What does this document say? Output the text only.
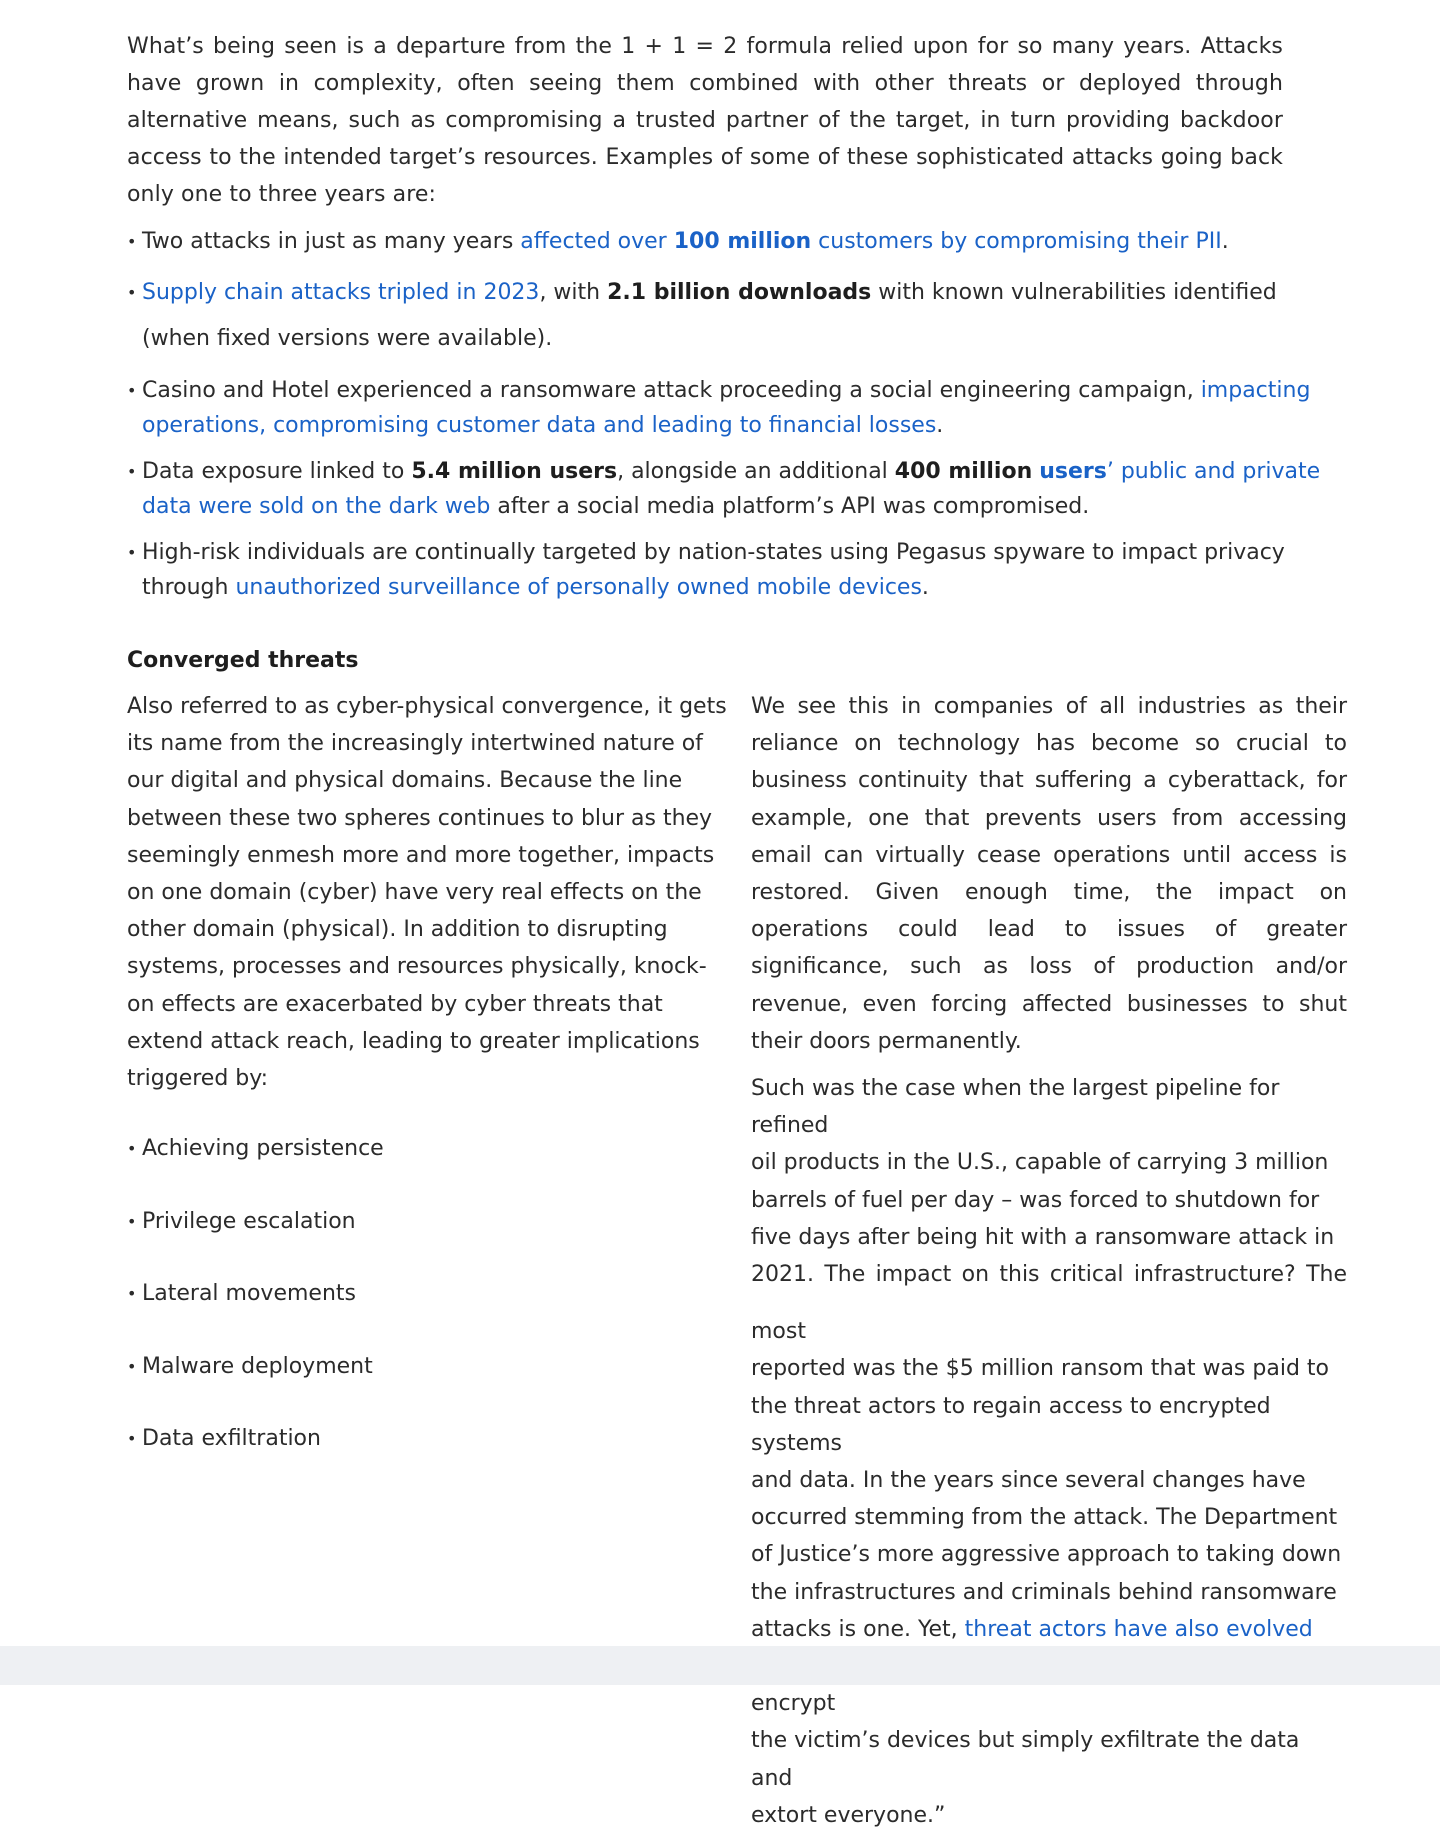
What’s being seen is a departure from the 1 + 1 = 2 formula relied upon for so many years. Attacks have grown in complexity, often seeing them combined with other threats or deployed through alternative means, such as compromising a trusted partner of the target, in turn providing backdoor access to the intended target’s resources. Examples of some of these sophisticated attacks going back only one to three years are:

• Two attacks in just as many years affected over 100 million customers by compromising their PII.
• Supply chain attacks tripled in 2023, with 2.1 billion downloads with known vulnerabilities identified (when fixed versions were available).
• Casino and Hotel experienced a ransomware attack proceeding a social engineering campaign, impacting operations, compromising customer data and leading to financial losses.
• Data exposure linked to 5.4 million users, alongside an additional 400 million users’ public and private data were sold on the dark web after a social media platform’s API was compromised.
• High-risk individuals are continually targeted by nation-states using Pegasus spyware to impact privacy through unauthorized surveillance of personally owned mobile devices.
Converged threats

Also referred to as cyber-physical convergence, it gets its name from the increasingly intertwined nature of our digital and physical domains. Because the line between these two spheres continues to blur as they seemingly enmesh more and more together, impacts on one domain (cyber) have very real effects on the other domain (physical). In addition to disrupting systems, processes and resources physically, knock-on effects are exacerbated by cyber threats that extend attack reach, leading to greater implications triggered by:

• Achieving persistence
• Privilege escalation
• Lateral movements
• Malware deployment
• Data exfiltration

We see this in companies of all industries as their reliance on technology has become so crucial to business continuity that suffering a cyberattack, for example, one that prevents users from accessing email can virtually cease operations until access is restored. Given enough time, the impact on operations could lead to issues of greater significance, such as loss of production and/or revenue, even forcing affected businesses to shut their doors permanently.

Such was the case when the largest pipeline for refined
oil products in the U.S., capable of carrying 3 million
barrels of fuel per day – was forced to shutdown for
five days after being hit with a ransomware attack in
2021. The impact on this critical infrastructure? The

most
reported was the $5 million ransom that was paid to
the threat actors to regain access to encrypted systems
and data. In the years since several changes have
occurred stemming from the attack. The Department
of Justice’s more aggressive approach to taking down
the infrastructures and criminals behind ransomware
attacks is one. Yet, threat actors have also evolved
encrypt
the victim’s devices but simply exfiltrate the data and
extort everyone.”
